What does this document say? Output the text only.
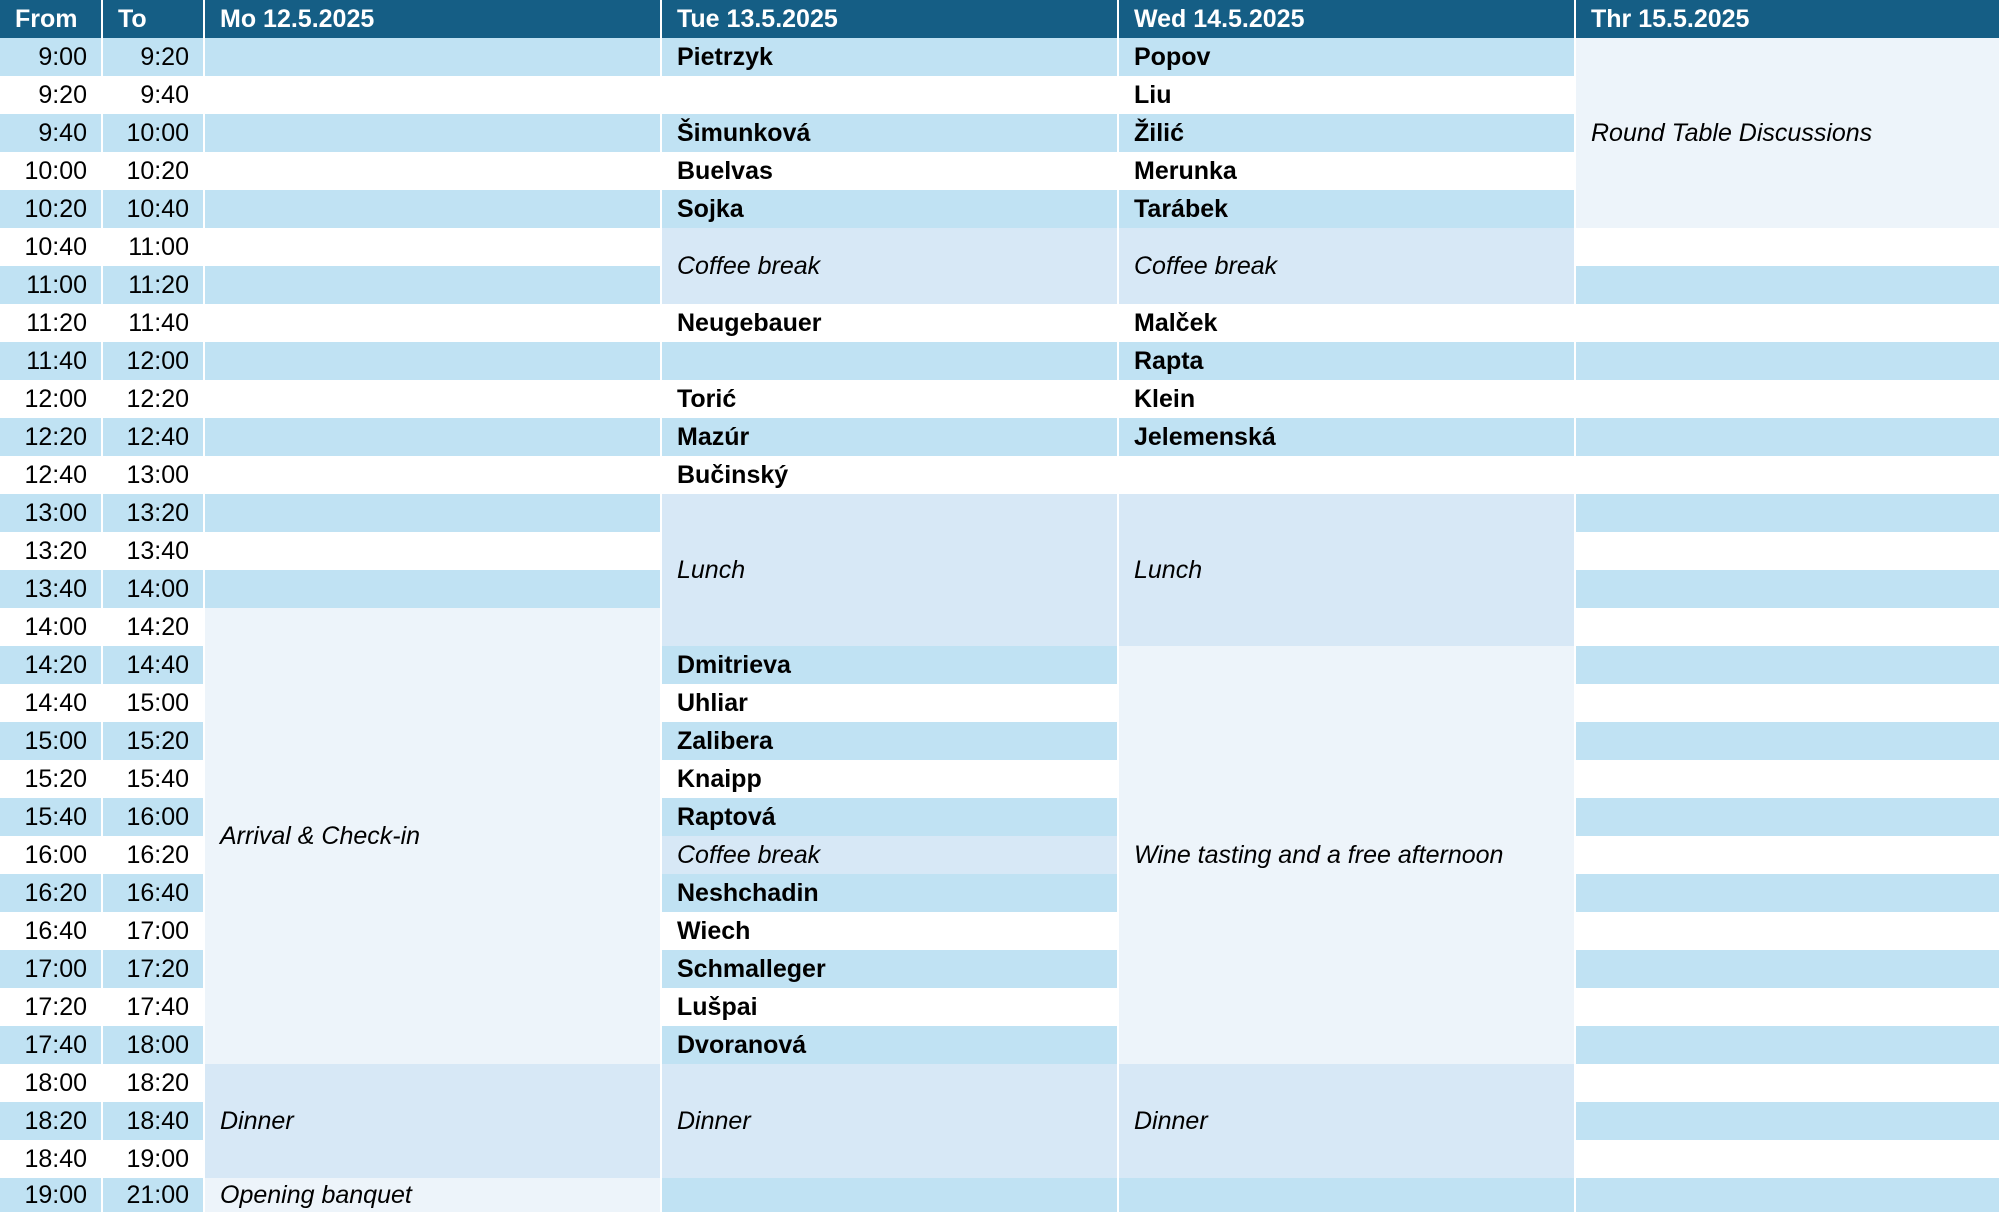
From	To	Mo 12.5.2025	Tue 13.5.2025	Wed 14.5.2025	Thr 15.5.2025
9:00	9:20		Pietrzyk	Popov	Round Table Discussions
9:20	9:40			Liu	
9:40	10:00		Šimunková	Žilić	
10:00	10:20		Buelvas	Merunka	
10:20	10:40		Sojka	Tarábek	
10:40	11:00		Coffee break	Coffee break	
11:00	11:20				
11:20	11:40		Neugebauer	Malček	
11:40	12:00			Rapta	
12:00	12:20		Torić	Klein	
12:20	12:40		Mazúr	Jelemenská	
12:40	13:00		Bučinský		
13:00	13:20		Lunch	Lunch	
13:20	13:40				
13:40	14:00				
14:00	14:20	Arrival & Check-in			
14:20	14:40		Dmitrieva	Wine tasting and a free afternoon	
14:40	15:00		Uhliar		
15:00	15:20		Zalibera		
15:20	15:40		Knaipp		
15:40	16:00		Raptová		
16:00	16:20		Coffee break		
16:20	16:40		Neshchadin		
16:40	17:00		Wiech		
17:00	17:20		Schmalleger		
17:20	17:40		Lušpai		
17:40	18:00		Dvoranová		
18:00	18:20	Dinner	Dinner	Dinner	
18:20	18:40				
18:40	19:00				
19:00	21:00	Opening banquet			
